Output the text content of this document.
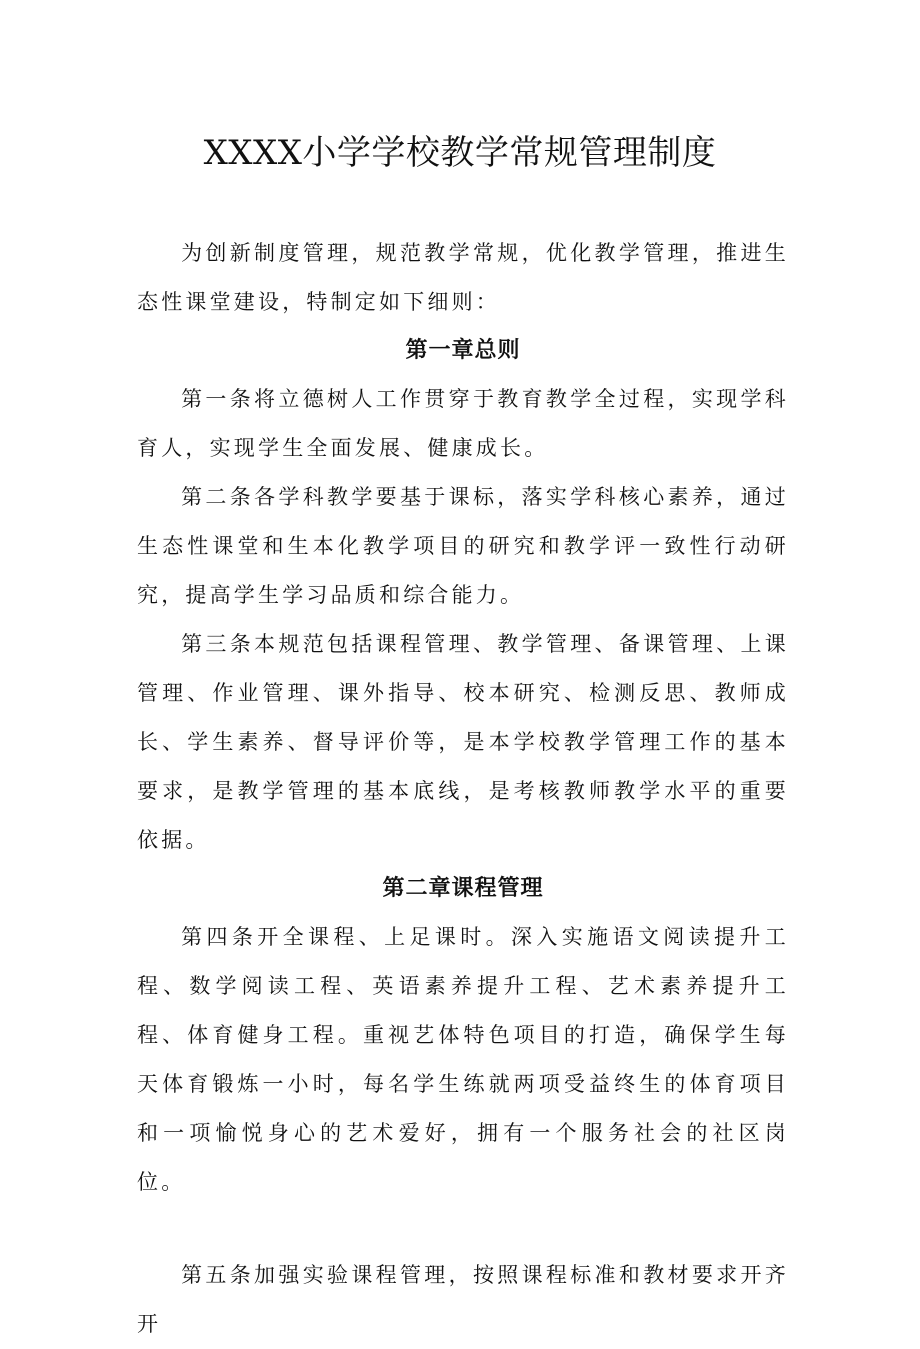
XXXX小学学校教学常规管理制度

为创新制度管理，规范教学常规，优化教学管理，推进生态性课堂建设，特制定如下细则：

第一章总则

第一条将立德树人工作贯穿于教育教学全过程，实现学科育人，实现学生全面发展、健康成长。

第二条各学科教学要基于课标，落实学科核心素养，通过生态性课堂和生本化教学项目的研究和教学评一致性行动研究，提高学生学习品质和综合能力。

第三条本规范包括课程管理、教学管理、备课管理、上课管理、作业管理、课外指导、校本研究、检测反思、教师成长、学生素养、督导评价等，是本学校教学管理工作的基本要求，是教学管理的基本底线，是考核教师教学水平的重要依据。

第二章课程管理

第四条开全课程、上足课时。深入实施语文阅读提升工程、数学阅读工程、英语素养提升工程、艺术素养提升工程、体育健身工程。重视艺体特色项目的打造，确保学生每天体育锻炼一小时，每名学生练就两项受益终生的体育项目和一项愉悦身心的艺术爱好，拥有一个服务社会的社区岗位。

第五条加强实验课程管理，按照课程标准和教材要求开齐开
